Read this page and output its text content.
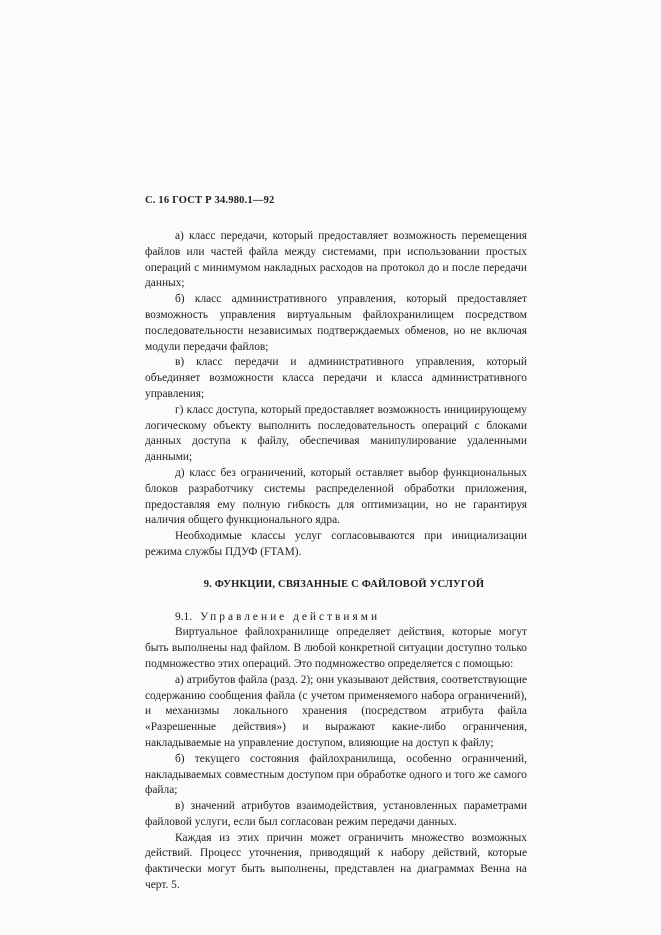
С. 16 ГОСТ Р 34.980.1—92

а) класс передачи, который предоставляет возможность перемещения файлов или частей файла между системами, при использовании простых операций с минимумом накладных расходов на протокол до и после передачи данных;

б) класс административного управления, который предоставляет возможность управления виртуальным файлохранилищем посредством последовательности независимых подтверждаемых обменов, но не включая модули передачи файлов;

в) класс передачи и административного управления, который объединяет возможности класса передачи и класса административного управления;

г) класс доступа, который предоставляет возможность инициирующему логическому объекту выполнить последовательность операций с блоками данных доступа к файлу, обеспечивая манипулирование удаленными данными;

д) класс без ограничений, который оставляет выбор функциональных блоков разработчику системы распределенной обработки приложения, предоставляя ему полную гибкость для оптимизации, но не гарантируя наличия общего функционального ядра.

Необходимые классы услуг согласовываются при инициализации режима службы ПДУФ (FTAM).

9. ФУНКЦИИ, СВЯЗАННЫЕ С ФАЙЛОВОЙ УСЛУГОЙ

9.1. Управление действиями

Виртуальное файлохранилище определяет действия, которые могут быть выполнены над файлом. В любой конкретной ситуации доступно только подмножество этих операций. Это подмножество определяется с помощью:

а) атрибутов файла (разд. 2); они указывают действия, соответствующие содержанию сообщения файла (с учетом применяемого набора ограничений), и механизмы локального хранения (посредством атрибута файла «Разрешенные действия») и выражают какие-либо ограничения, накладываемые на управление доступом, влияющие на доступ к файлу;

б) текущего состояния файлохранилища, особенно ограничений, накладываемых совместным доступом при обработке одного и того же самого файла;

в) значений атрибутов взаимодействия, установленных параметрами файловой услуги, если был согласован режим передачи данных.

Каждая из этих причин может ограничить множество возможных действий. Процесс уточнения, приводящий к набору действий, которые фактически могут быть выполнены, представлен на диаграммах Венна на черт. 5.
